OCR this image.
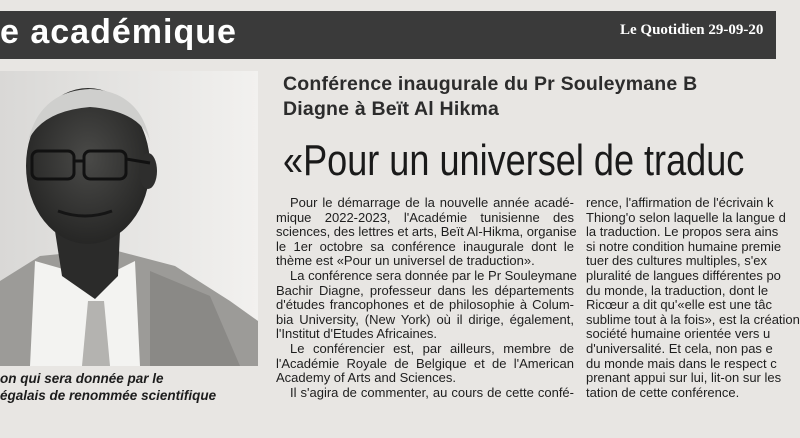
e académique	Le Quotidien 29-09-20
on qui sera donnée par le
égalais de renommée scientifique
Conférence inaugurale du Pr Souleymane B
Diagne à Beït Al Hikma
«Pour un universel de traduc
Pour le démarrage de la nouvelle année acadé-
mique 2022-2023, l'Académie tunisienne des
sciences, des lettres et arts, Beït Al-Hikma, organise
le 1er octobre sa conférence inaugurale dont le
thème est «Pour un universel de traduction».
La conférence sera donnée par le Pr Souleymane
Bachir Diagne, professeur dans les départements
d'études francophones et de philosophie à Colum-
bia University, (New York) où il dirige, également,
l'Institut d'Etudes Africaines.
Le conférencier est, par ailleurs, membre de
l'Académie Royale de Belgique et de l'American
Academy of Arts and Sciences.
Il s'agira de commenter, au cours de cette confé-
rence, l'affirmation de l'écrivain k
Thiong'o selon laquelle la langue d
la traduction. Le propos sera ains
si notre condition humaine premie
tuer des cultures multiples, s'ex
pluralité de langues différentes po
du monde, la traduction, dont le
Ricœur a dit qu'«elle est une tâc
sublime tout à la fois», est la création
société humaine orientée vers u
d'universalité. Et cela, non pas e
du monde mais dans le respect c
prenant appui sur lui, lit-on sur les
tation de cette conférence.
